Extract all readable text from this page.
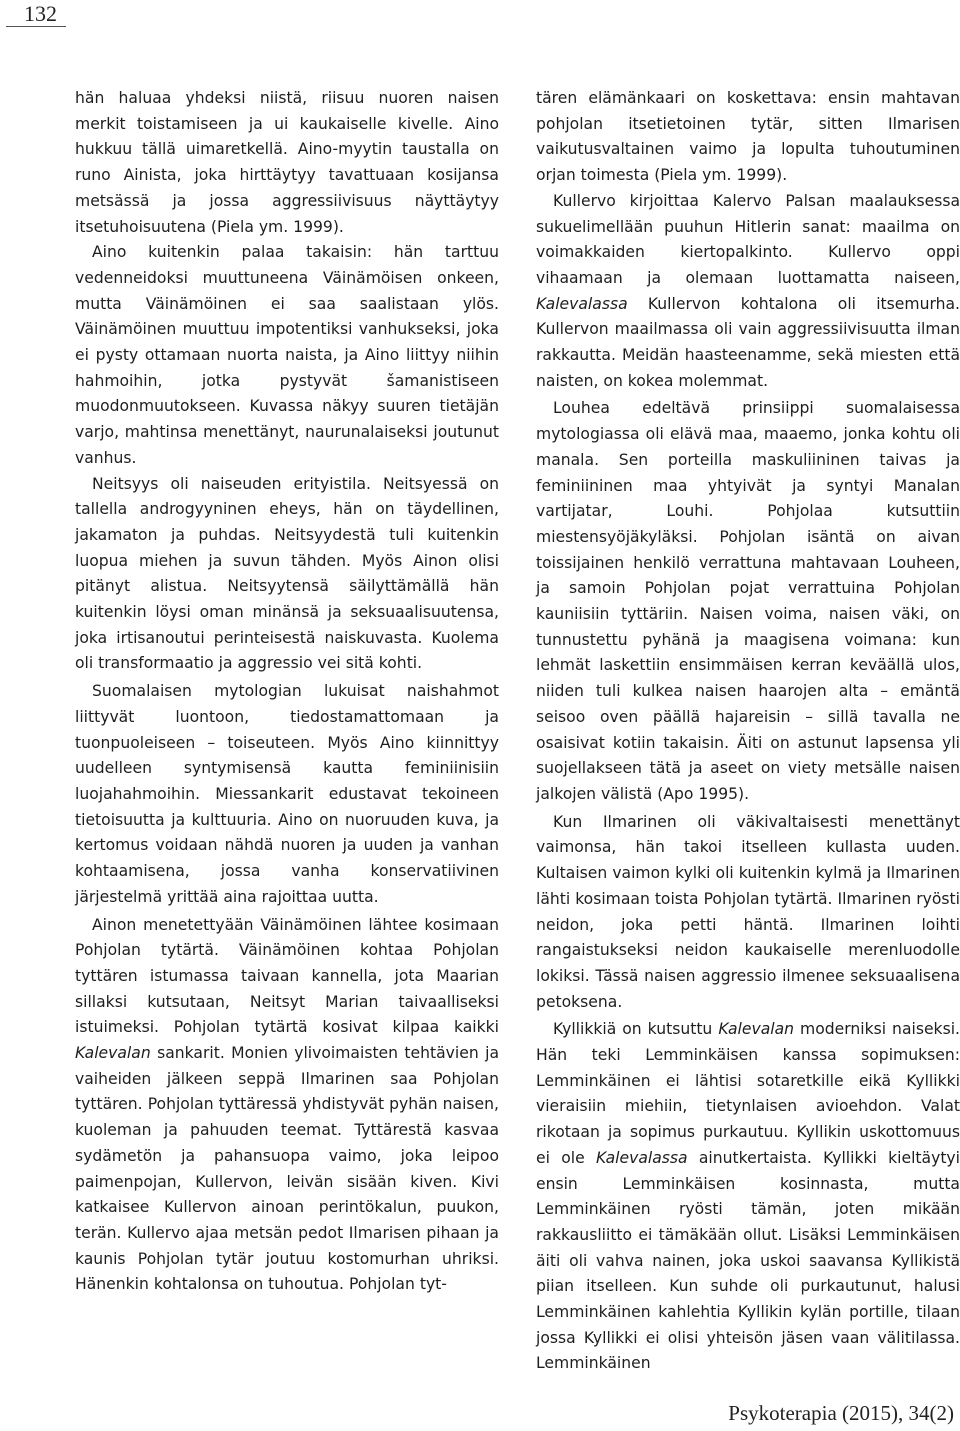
132

hän haluaa yhdeksi niistä, riisuu nuoren naisen merkit toistamiseen ja ui kaukaiselle kivelle. Aino hukkuu tällä uimaretkellä. Aino-myytin taustalla on runo Ainista, joka hirttäytyy tavattuaan kosijansa metsässä ja jossa aggressiivisuus näyttäytyy itsetuhoisuutena (Piela ym. 1999).

Aino kuitenkin palaa takaisin: hän tarttuu vedenneidoksi muuttuneena Väinämöisen onkeen, mutta Väinämöinen ei saa saalistaan ylös. Väinämöinen muuttuu impotentiksi vanhukseksi, joka ei pysty ottamaan nuorta naista, ja Aino liittyy niihin hahmoihin, jotka pystyvät šamanistiseen muodonmuutokseen. Kuvassa näkyy suuren tietäjän varjo, mahtinsa menettänyt, naurunalaiseksi joutunut vanhus.

Neitsyys oli naiseuden erityistila. Neitsyessä on tallella androgyyninen eheys, hän on täydellinen, jakamaton ja puhdas. Neitsyydestä tuli kuitenkin luopua miehen ja suvun tähden. Myös Ainon olisi pitänyt alistua. Neitsyytensä säilyttämällä hän kuitenkin löysi oman minänsä ja seksuaalisuutensa, joka irtisanoutui perinteisestä naiskuvasta. Kuolema oli transformaatio ja aggressio vei sitä kohti.

Suomalaisen mytologian lukuisat naishahmot liittyvät luontoon, tiedostamattomaan ja tuonpuoleiseen – toiseuteen. Myös Aino kiinnittyy uudelleen syntymisensä kautta feminiinisiin luojahahmoihin. Miessankarit edustavat tekoineen tietoisuutta ja kulttuuria. Aino on nuoruuden kuva, ja kertomus voidaan nähdä nuoren ja uuden ja vanhan kohtaamisena, jossa vanha konservatiivinen järjestelmä yrittää aina rajoittaa uutta.

Ainon menetettyään Väinämöinen lähtee kosimaan Pohjolan tytärtä. Väinämöinen kohtaa Pohjolan tyttären istumassa taivaan kannella, jota Maarian sillaksi kutsutaan, Neitsyt Marian taivaalliseksi istuimeksi. Pohjolan tytärtä kosivat kilpaa kaikki Kalevalan sankarit. Monien ylivoimaisten tehtävien ja vaiheiden jälkeen seppä Ilmarinen saa Pohjolan tyttären. Pohjolan tyttäressä yhdistyvät pyhän naisen, kuoleman ja pahuuden teemat. Tyttärestä kasvaa sydämetön ja pahansuopa vaimo, joka leipoo paimenpojan, Kullervon, leivän sisään kiven. Kivi katkaisee Kullervon ainoan perintökalun, puukon, terän. Kullervo ajaa metsän pedot Ilmarisen pihaan ja kaunis Pohjolan tytär joutuu kostomurhan uhriksi. Hänenkin kohtalonsa on tuhoutua. Pohjolan tyt-

tären elämänkaari on koskettava: ensin mahtavan pohjolan itsetietoinen tytär, sitten Ilmarisen vaikutusvaltainen vaimo ja lopulta tuhoutuminen orjan toimesta (Piela ym. 1999).

Kullervo kirjoittaa Kalervo Palsan maalauksessa sukuelimellään puuhun Hitlerin sanat: maailma on voimakkaiden kiertopalkinto. Kullervo oppi vihaamaan ja olemaan luottamatta naiseen, Kalevalassa Kullervon kohtalona oli itsemurha. Kullervon maailmassa oli vain aggressiivisuutta ilman rakkautta. Meidän haasteenamme, sekä miesten että naisten, on kokea molemmat.

Louhea edeltävä prinsiippi suomalaisessa mytologiassa oli elävä maa, maaemo, jonka kohtu oli manala. Sen porteilla maskuliininen taivas ja feminiininen maa yhtyivät ja syntyi Manalan vartijatar, Louhi. Pohjolaa kutsuttiin miestensyöjäkyläksi. Pohjolan isäntä on aivan toissijainen henkilö verrattuna mahtavaan Louheen, ja samoin Pohjolan pojat verrattuina Pohjolan kauniisiin tyttäriin. Naisen voima, naisen väki, on tunnustettu pyhänä ja maagisena voimana: kun lehmät laskettiin ensimmäisen kerran keväällä ulos, niiden tuli kulkea naisen haarojen alta – emäntä seisoo oven päällä hajareisin – sillä tavalla ne osaisivat kotiin takaisin. Äiti on astunut lapsensa yli suojellakseen tätä ja aseet on viety metsälle naisen jalkojen välistä (Apo 1995).

Kun Ilmarinen oli väkivaltaisesti menettänyt vaimonsa, hän takoi itselleen kullasta uuden. Kultaisen vaimon kylki oli kuitenkin kylmä ja Ilmarinen lähti kosimaan toista Pohjolan tytärtä. Ilmarinen ryösti neidon, joka petti häntä. Ilmarinen loihti rangaistukseksi neidon kaukaiselle merenluodolle lokiksi. Tässä naisen aggressio ilmenee seksuaalisena petoksena.

Kyllikkiä on kutsuttu Kalevalan moderniksi naiseksi. Hän teki Lemminkäisen kanssa sopimuksen: Lemminkäinen ei lähtisi sotaretkille eikä Kyllikki vieraisiin miehiin, tietynlaisen avioehdon. Valat rikotaan ja sopimus purkautuu. Kyllikin uskottomuus ei ole Kalevalassa ainutkertaista. Kyllikki kieltäytyi ensin Lemminkäisen kosinnasta, mutta Lemminkäinen ryösti tämän, joten mikään rakkausliitto ei tämäkään ollut. Lisäksi Lemminkäisen äiti oli vahva nainen, joka uskoi saavansa Kyllikistä piian itselleen. Kun suhde oli purkautunut, halusi Lemminkäinen kahlehtia Kyllikin kylän portille, tilaan jossa Kyllikki ei olisi yhteisön jäsen vaan välitilassa. Lemminkäinen

Psykoterapia (2015), 34(2)
